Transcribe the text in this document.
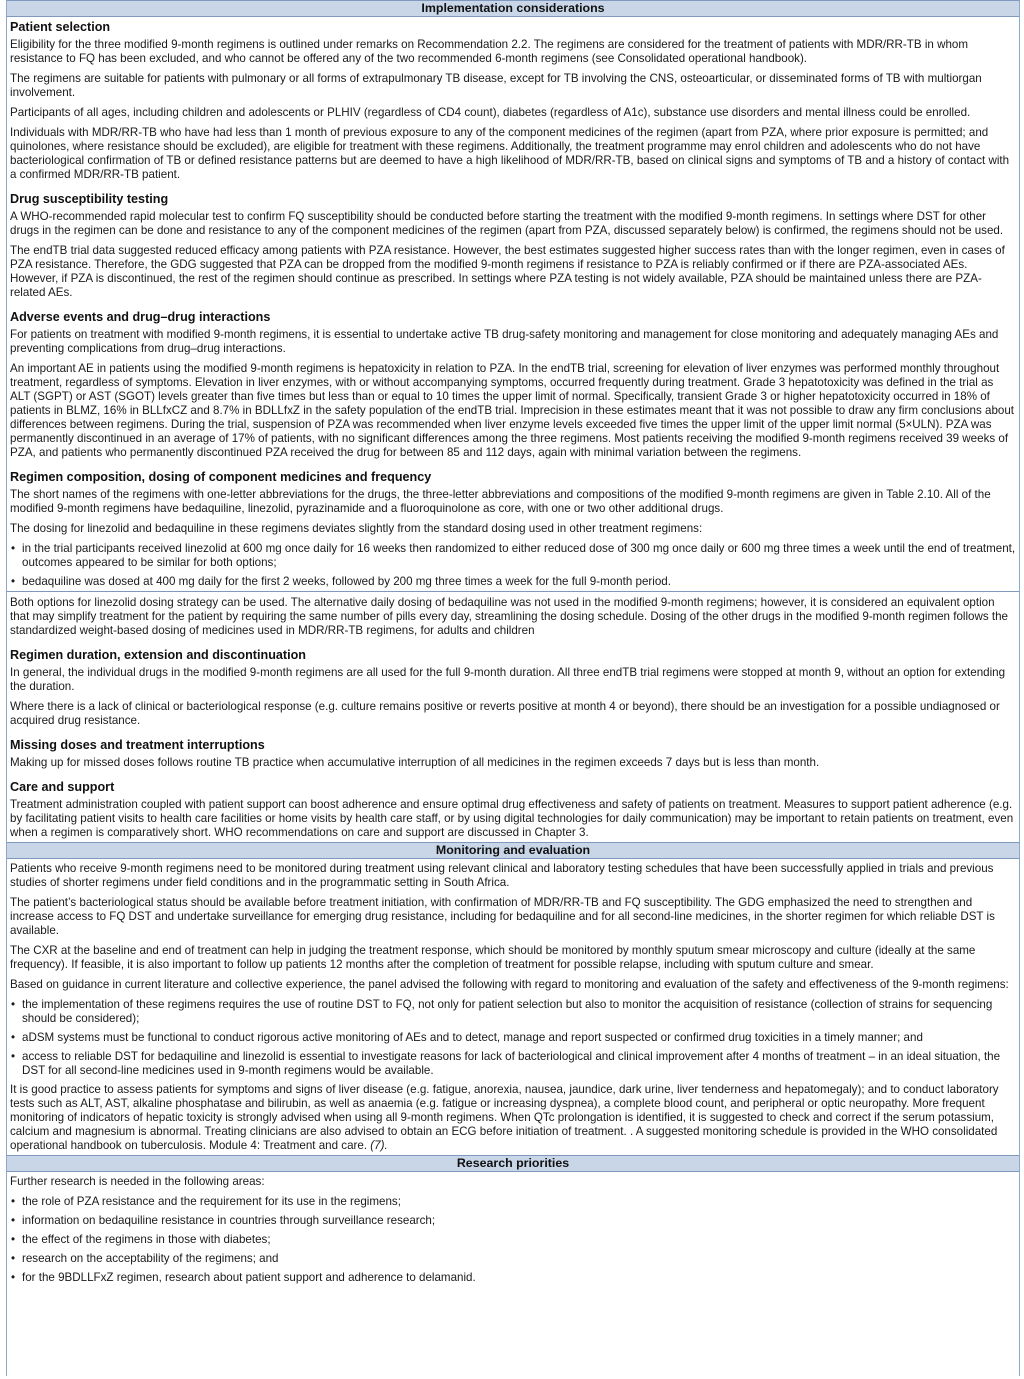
Implementation considerations
Patient selection

Eligibility for the three modified 9-month regimens is outlined under remarks on Recommendation 2.2. The regimens are considered for the treatment of patients with MDR/RR-TB in whom resistance to FQ has been excluded, and who cannot be offered any of the two recommended 6-month regimens (see Consolidated operational handbook).

The regimens are suitable for patients with pulmonary or all forms of extrapulmonary TB disease, except for TB involving the CNS, osteoarticular, or disseminated forms of TB with multiorgan involvement.

Participants of all ages, including children and adolescents or PLHIV (regardless of CD4 count), diabetes (regardless of A1c), substance use disorders and mental illness could be enrolled.

Individuals with MDR/RR-TB who have had less than 1 month of previous exposure to any of the component medicines of the regimen (apart from PZA, where prior exposure is permitted; and quinolones, where resistance should be excluded), are eligible for treatment with these regimens. Additionally, the treatment programme may enrol children and adolescents who do not have bacteriological confirmation of TB or defined resistance patterns but are deemed to have a high likelihood of MDR/RR-TB, based on clinical signs and symptoms of TB and a history of contact with a confirmed MDR/RR-TB patient.

Drug susceptibility testing

A WHO-recommended rapid molecular test to confirm FQ susceptibility should be conducted before starting the treatment with the modified 9-month regimens. In settings where DST for other drugs in the regimen can be done and resistance to any of the component medicines of the regimen (apart from PZA, discussed separately below) is confirmed, the regimens should not be used.

The endTB trial data suggested reduced efficacy among patients with PZA resistance. However, the best estimates suggested higher success rates than with the longer regimen, even in cases of PZA resistance. Therefore, the GDG suggested that PZA can be dropped from the modified 9-month regimens if resistance to PZA is reliably confirmed or if there are PZA-associated AEs. However, if PZA is discontinued, the rest of the regimen should continue as prescribed. In settings where PZA testing is not widely available, PZA should be maintained unless there are PZA-related AEs.

Adverse events and drug–drug interactions

For patients on treatment with modified 9-month regimens, it is essential to undertake active TB drug-safety monitoring and management for close monitoring and adequately managing AEs and preventing complications from drug–drug interactions.

An important AE in patients using the modified 9-month regimens is hepatoxicity in relation to PZA. In the endTB trial, screening for elevation of liver enzymes was performed monthly throughout treatment, regardless of symptoms. Elevation in liver enzymes, with or without accompanying symptoms, occurred frequently during treatment. Grade 3 hepatotoxicity was defined in the trial as ALT (SGPT) or AST (SGOT) levels greater than five times but less than or equal to 10 times the upper limit of normal. Specifically, transient Grade 3 or higher hepatotoxicity occurred in 18% of patients in BLMZ, 16% in BLLfxCZ and 8.7% in BDLLfxZ in the safety population of the endTB trial. Imprecision in these estimates meant that it was not possible to draw any firm conclusions about differences between regimens. During the trial, suspension of PZA was recommended when liver enzyme levels exceeded five times the upper limit of the upper limit normal (5×ULN). PZA was permanently discontinued in an average of 17% of patients, with no significant differences among the three regimens. Most patients receiving the modified 9-month regimens received 39 weeks of PZA, and patients who permanently discontinued PZA received the drug for between 85 and 112 days, again with minimal variation between the regimens.

Regimen composition, dosing of component medicines and frequency

The short names of the regimens with one-letter abbreviations for the drugs, the three-letter abbreviations and compositions of the modified 9-month regimens are given in Table 2.10. All of the modified 9-month regimens have bedaquiline, linezolid, pyrazinamide and a fluoroquinolone as core, with one or two other additional drugs.

The dosing for linezolid and bedaquiline in these regimens deviates slightly from the standard dosing used in other treatment regimens:

• in the trial participants received linezolid at 600 mg once daily for 16 weeks then randomized to either reduced dose of 300 mg once daily or 600 mg three times a week until the end of treatment, outcomes appeared to be similar for both options;
• bedaquiline was dosed at 400 mg daily for the first 2 weeks, followed by 200 mg three times a week for the full 9-month period.

Both options for linezolid dosing strategy can be used. The alternative daily dosing of bedaquiline was not used in the modified 9-month regimens; however, it is considered an equivalent option that may simplify treatment for the patient by requiring the same number of pills every day, streamlining the dosing schedule. Dosing of the other drugs in the modified 9-month regimen follows the standardized weight-based dosing of medicines used in MDR/RR-TB regimens, for adults and children

Regimen duration, extension and discontinuation

In general, the individual drugs in the modified 9-month regimens are all used for the full 9-month duration. All three endTB trial regimens were stopped at month 9, without an option for extending the duration.

Where there is a lack of clinical or bacteriological response (e.g. culture remains positive or reverts positive at month 4 or beyond), there should be an investigation for a possible undiagnosed or acquired drug resistance.

Missing doses and treatment interruptions

Making up for missed doses follows routine TB practice when accumulative interruption of all medicines in the regimen exceeds 7 days but is less than month.

Care and support

Treatment administration coupled with patient support can boost adherence and ensure optimal drug effectiveness and safety of patients on treatment. Measures to support patient adherence (e.g. by facilitating patient visits to health care facilities or home visits by health care staff, or by using digital technologies for daily communication) may be important to retain patients on treatment, even when a regimen is comparatively short. WHO recommendations on care and support are discussed in Chapter 3.

Monitoring and evaluation

Patients who receive 9-month regimens need to be monitored during treatment using relevant clinical and laboratory testing schedules that have been successfully applied in trials and previous studies of shorter regimens under field conditions and in the programmatic setting in South Africa.

The patient’s bacteriological status should be available before treatment initiation, with confirmation of MDR/RR-TB and FQ susceptibility. The GDG emphasized the need to strengthen and increase access to FQ DST and undertake surveillance for emerging drug resistance, including for bedaquiline and for all second-line medicines, in the shorter regimen for which reliable DST is available.

The CXR at the baseline and end of treatment can help in judging the treatment response, which should be monitored by monthly sputum smear microscopy and culture (ideally at the same frequency). If feasible, it is also important to follow up patients 12 months after the completion of treatment for possible relapse, including with sputum culture and smear.

Based on guidance in current literature and collective experience, the panel advised the following with regard to monitoring and evaluation of the safety and effectiveness of the 9-month regimens:

• the implementation of these regimens requires the use of routine DST to FQ, not only for patient selection but also to monitor the acquisition of resistance (collection of strains for sequencing should be considered);
• aDSM systems must be functional to conduct rigorous active monitoring of AEs and to detect, manage and report suspected or confirmed drug toxicities in a timely manner; and
• access to reliable DST for bedaquiline and linezolid is essential to investigate reasons for lack of bacteriological and clinical improvement after 4 months of treatment – in an ideal situation, the DST for all second-line medicines used in 9-month regimens would be available.

It is good practice to assess patients for symptoms and signs of liver disease (e.g. fatigue, anorexia, nausea, jaundice, dark urine, liver tenderness and hepatomegaly); and to conduct laboratory tests such as ALT, AST, alkaline phosphatase and bilirubin, as well as anaemia (e.g. fatigue or increasing dyspnea), a complete blood count, and peripheral or optic neuropathy. More frequent monitoring of indicators of hepatic toxicity is strongly advised when using all 9-month regimens. When QTc prolongation is identified, it is suggested to check and correct if the serum potassium, calcium and magnesium is abnormal. Treating clinicians are also advised to obtain an ECG before initiation of treatment. . A suggested monitoring schedule is provided in the WHO consolidated operational handbook on tuberculosis. Module 4: Treatment and care. (7).

Research priorities

Further research is needed in the following areas:

• the role of PZA resistance and the requirement for its use in the regimens;
• information on bedaquiline resistance in countries through surveillance research;
• the effect of the regimens in those with diabetes;
• research on the acceptability of the regimens; and
• for the 9BDLLFxZ regimen, research about patient support and adherence to delamanid.
